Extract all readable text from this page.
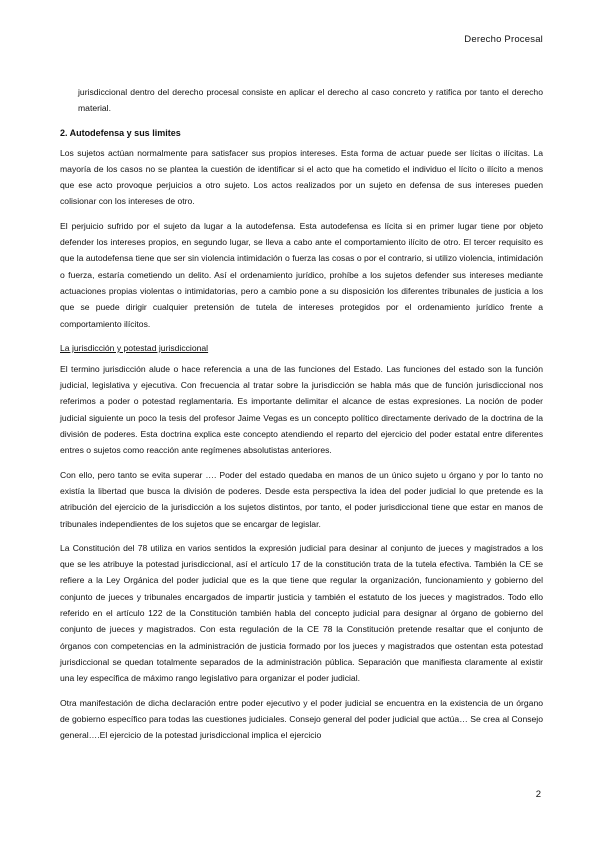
Derecho Procesal

jurisdiccional dentro del derecho procesal consiste en aplicar el derecho al caso concreto y ratifica por tanto el derecho material.

2. Autodefensa y sus limites

Los sujetos actúan normalmente para satisfacer sus propios intereses. Esta forma de actuar puede ser lícitas o ilícitas. La mayoría de los casos no se plantea la cuestión de identificar si el acto que ha cometido el individuo el lícito o ilícito a menos que ese acto provoque perjuicios a otro sujeto. Los actos realizados por un sujeto en defensa de sus intereses pueden colisionar con los intereses de otro.

El perjuicio sufrido por el sujeto da lugar a la autodefensa. Esta autodefensa es lícita si en primer lugar tiene por objeto defender los intereses propios, en segundo lugar, se lleva a cabo ante el comportamiento ilícito de otro. El tercer requisito es que la autodefensa tiene que ser sin violencia intimidación o fuerza las cosas o por el contrario, si utilizo violencia, intimidación o fuerza, estaría cometiendo un delito. Así el ordenamiento jurídico, prohíbe a los sujetos defender sus intereses mediante actuaciones propias violentas o intimidatorias, pero a cambio pone a su disposición los diferentes tribunales de justicia a los que se puede dirigir cualquier pretensión de tutela de intereses protegidos por el ordenamiento jurídico frente a comportamiento ilícitos.

La jurisdicción y potestad jurisdiccional

El termino jurisdicción alude o hace referencia a una de las funciones del Estado. Las funciones del estado son la función judicial, legislativa y ejecutiva. Con frecuencia al tratar sobre la jurisdicción se habla más que de función jurisdiccional nos referimos a poder o potestad reglamentaria. Es importante delimitar el alcance de estas expresiones. La noción de poder judicial siguiente un poco la tesis del profesor Jaime Vegas es un concepto político directamente derivado de la doctrina de la división de poderes. Esta doctrina explica este concepto atendiendo el reparto del ejercicio del poder estatal entre diferentes entres o sujetos como reacción ante regímenes absolutistas anteriores.

Con ello, pero tanto se evita superar …. Poder del estado quedaba en manos de un único sujeto u órgano y por lo tanto no existía la libertad que busca la división de poderes. Desde esta perspectiva la idea del poder judicial lo que pretende es la atribución del ejercicio de la jurisdicción a los sujetos distintos, por tanto, el poder jurisdiccional tiene que estar en manos de tribunales independientes de los sujetos que se encargar de legislar.

La Constitución del 78 utiliza en varios sentidos la expresión judicial para desinar al conjunto de jueces y magistrados a los que se les atribuye la potestad jurisdiccional, así el artículo 17 de la constitución trata de la tutela efectiva. También la CE se refiere a la Ley Orgánica del poder judicial que es la que tiene que regular la organización, funcionamiento y gobierno del conjunto de jueces y tribunales encargados de impartir justicia y también el estatuto de los jueces y magistrados. Todo ello referido en el artículo 122 de la Constitución también habla del concepto judicial para designar al órgano de gobierno del conjunto de jueces y magistrados. Con esta regulación de la CE 78 la Constitución pretende resaltar que el conjunto de órganos con competencias en la administración de justicia formado por los jueces y magistrados que ostentan esta potestad jurisdiccional se quedan totalmente separados de la administración pública. Separación que manifiesta claramente al existir una ley específica de máximo rango legislativo para organizar el poder judicial.

Otra manifestación de dicha declaración entre poder ejecutivo y el poder judicial se encuentra en la existencia de un órgano de gobierno específico para todas las cuestiones judiciales. Consejo general del poder judicial que actúa… Se crea al Consejo general….El ejercicio de la potestad jurisdiccional implica el ejercicio

2
